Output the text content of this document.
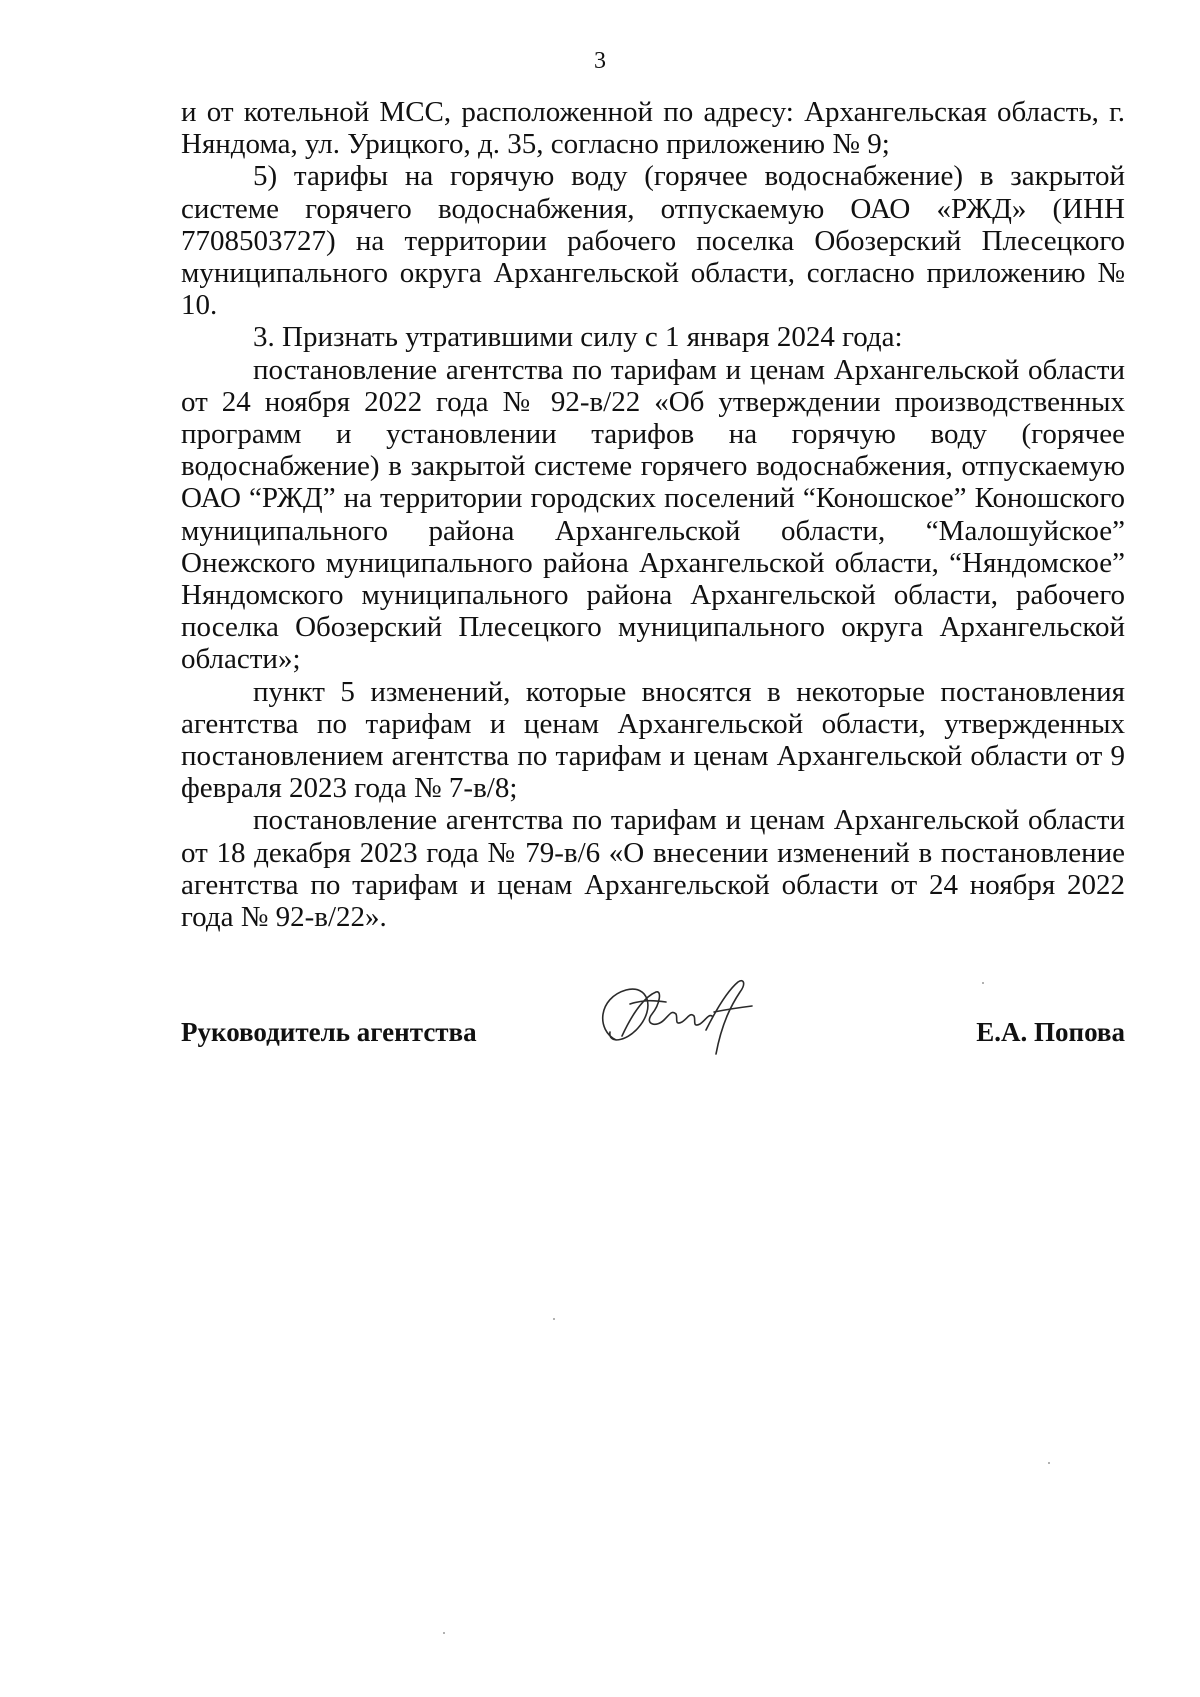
3

и от котельной МСС, расположенной по адресу: Архангельская область, г. Няндома, ул. Урицкого, д. 35, согласно приложению № 9;

5) тарифы на горячую воду (горячее водоснабжение) в закрытой системе горячего водоснабжения, отпускаемую ОАО «РЖД» (ИНН 7708503727) на территории рабочего поселка Обозерский Плесецкого муниципального округа Архангельской области, согласно приложению № 10.

3. Признать утратившими силу с 1 января 2024 года:

постановление агентства по тарифам и ценам Архангельской области от 24 ноября 2022 года № 92-в/22 «Об утверждении производственных программ и установлении тарифов на горячую воду (горячее водоснабжение) в закрытой системе горячего водоснабжения, отпускаемую ОАО “РЖД” на территории городских поселений “Коношское” Коношского муниципального района Архангельской области, “Малошуйское” Онежского муниципального района Архангельской области, “Няндомское” Няндомского муниципального района Архангельской области, рабочего поселка Обозерский Плесецкого муниципального округа Архангельской области»;

пункт 5 изменений, которые вносятся в некоторые постановления агентства по тарифам и ценам Архангельской области, утвержденных постановлением агентства по тарифам и ценам Архангельской области от 9 февраля 2023 года № 7-в/8;

постановление агентства по тарифам и ценам Архангельской области от 18 декабря 2023 года № 79-в/6 «О внесении изменений в постановление агентства по тарифам и ценам Архангельской области от 24 ноября 2022 года № 92-в/22».

Руководитель агентства	Е.А. Попова
